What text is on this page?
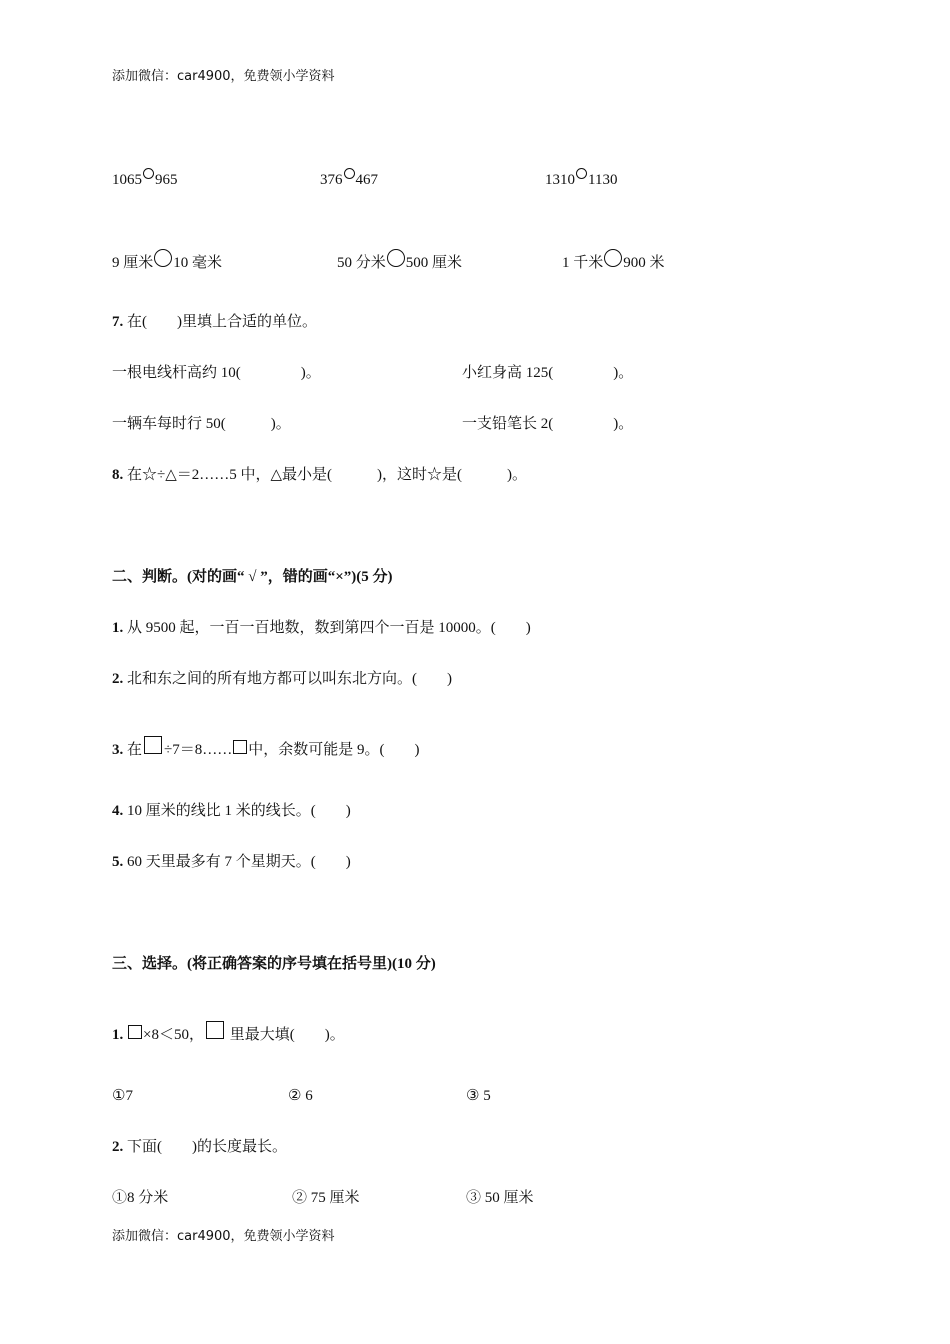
添加微信：car4900，免费领小学资料
1065 965	376 467	1310 1130
9 厘米 10 毫米	50 分米 500 厘米	1 千米 900 米
7. 在(　　)里填上合适的单位。
一根电线杆高约 10(　　　　)。	小红身高 125(　　　　)。
一辆车每时行 50(　　　)。	一支铅笔长 2(　　　　)。
8. 在☆÷△＝2……5 中，△最小是(　　　)，这时☆是(　　　)。
二、判断。(对的画“ √ ”，错的画“×”)(5 分)
1. 从 9500 起，一百一百地数，数到第四个一百是 10000。(　　)
2. 北和东之间的所有地方都可以叫东北方向。(　　)
3. 在 ÷7＝8…… 中，余数可能是 9。(　　)
4. 10 厘米的线比 1 米的线长。(　　)
5. 60 天里最多有 7 个星期天。(　　)
三、选择。(将正确答案的序号填在括号里)(10 分)
1. ×8＜50， 里最大填(　　)。
①7	② 6	③ 5
2. 下面(　　)的长度最长。
①8 分米	② 75 厘米	③ 50 厘米
添加微信：car4900，免费领小学资料
